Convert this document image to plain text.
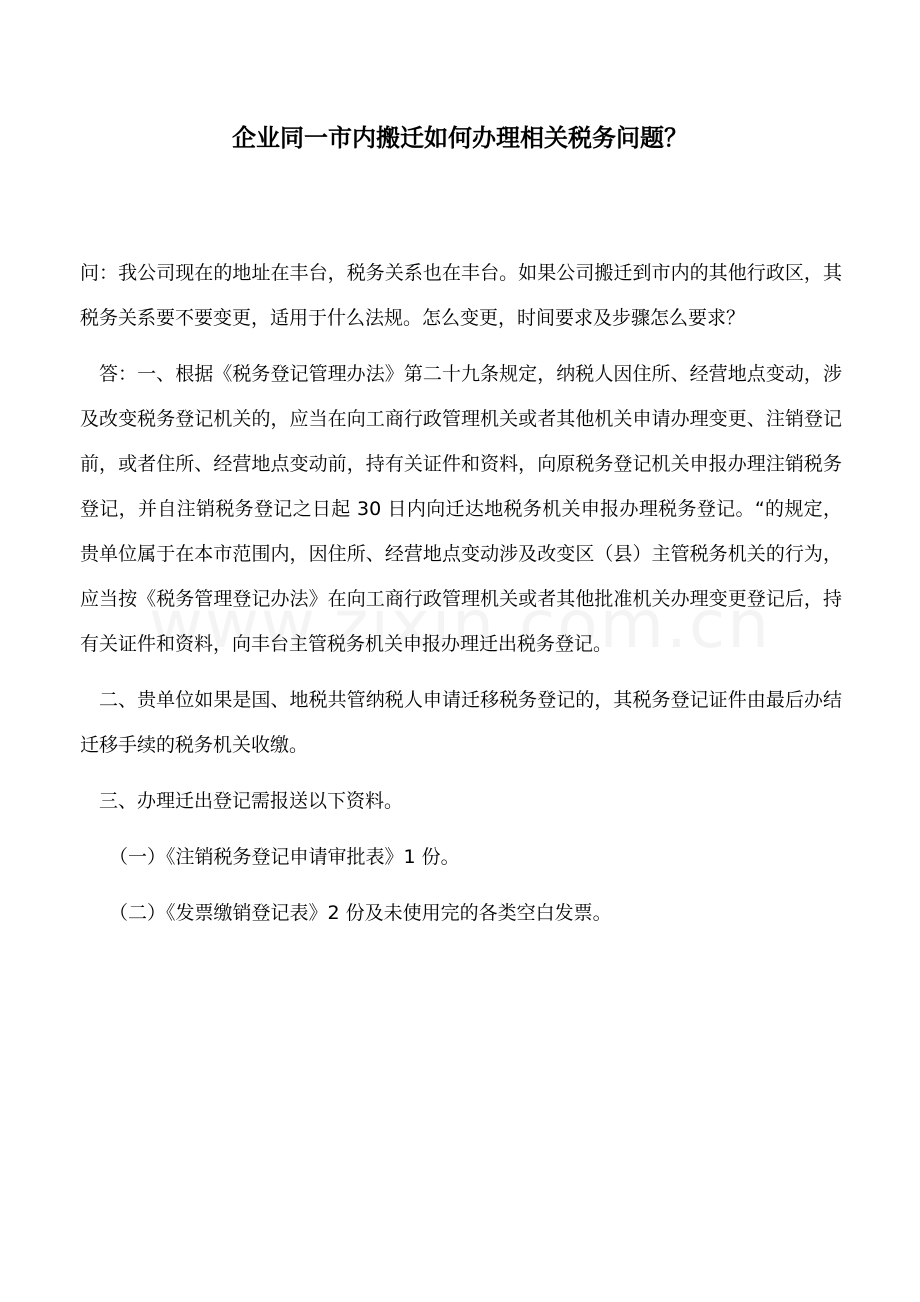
企业同一市内搬迁如何办理相关税务问题？

问：我公司现在的地址在丰台，税务关系也在丰台。如果公司搬迁到市内的其他行政区，其税务关系要不要变更，适用于什么法规。怎么变更，时间要求及步骤怎么要求？

答：一、根据《税务登记管理办法》第二十九条规定，纳税人因住所、经营地点变动，涉及改变税务登记机关的，应当在向工商行政管理机关或者其他机关申请办理变更、注销登记前，或者住所、经营地点变动前，持有关证件和资料，向原税务登记机关申报办理注销税务登记，并自注销税务登记之日起 30 日内向迁达地税务机关申报办理税务登记。“的规定，贵单位属于在本市范围内，因住所、经营地点变动涉及改变区（县）主管税务机关的行为，应当按《税务管理登记办法》在向工商行政管理机关或者其他批准机关办理变更登记后，持有关证件和资料，向丰台主管税务机关申报办理迁出税务登记。

二、贵单位如果是国、地税共管纳税人申请迁移税务登记的，其税务登记证件由最后办结迁移手续的税务机关收缴。

三、办理迁出登记需报送以下资料。

（一）《注销税务登记申请审批表》1 份。

（二）《发票缴销登记表》2 份及未使用完的各类空白发票。
